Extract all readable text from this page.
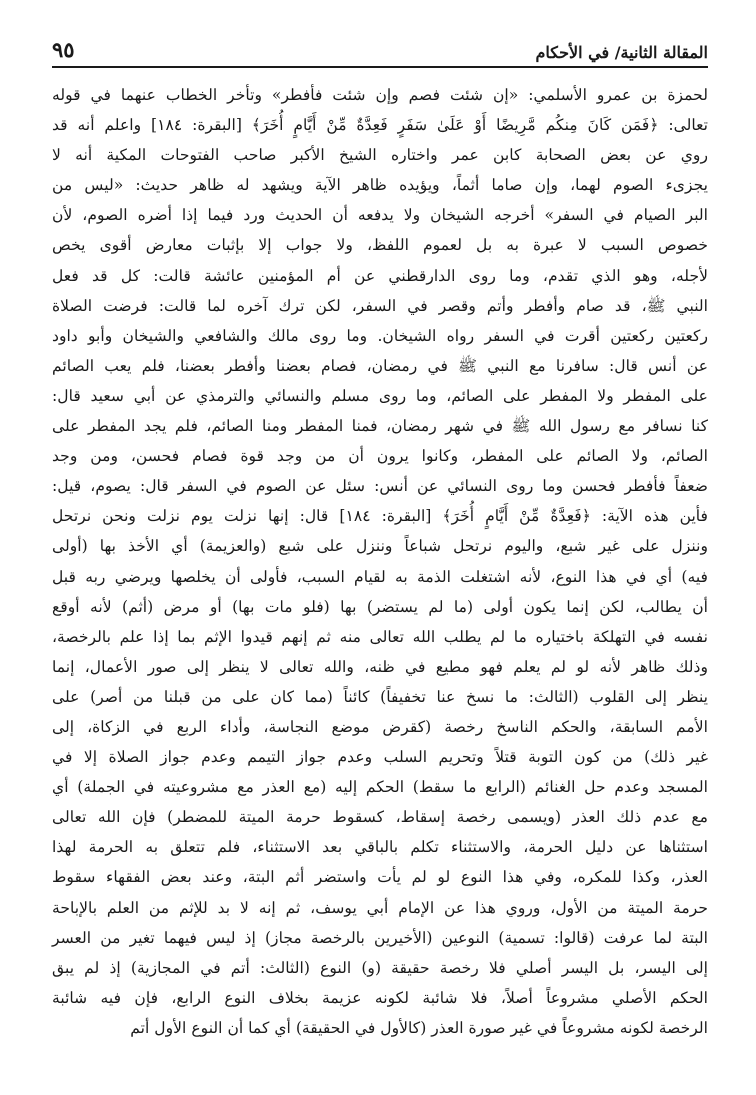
٩٥	المقالة الثانية/ في الأحكام

لحمزة بن عمرو الأسلمي: «إن شئت فصم وإن شئت فأفطر» وتأخر الخطاب عنهما في قوله
تعالى: ﴿فَمَن كَانَ مِنكُم مَّرِيضًا أَوْ عَلَىٰ سَفَرٍ فَعِدَّةٌ مِّنْ أَيَّامٍ أُخَرَ﴾ [البقرة: ١٨٤] واعلم أنه قد
روي عن بعض الصحابة كابن عمر واختاره الشيخ الأكبر صاحب الفتوحات المكية أنه لا
يجزىء الصوم لهما، وإن صاما أثماً، ويؤيده ظاهر الآية ويشهد له ظاهر حديث: «ليس من
البر الصيام في السفر» أخرجه الشيخان ولا يدفعه أن الحديث ورد فيما إذا أضره الصوم، لأن
خصوص السبب لا عبرة به بل لعموم اللفظ، ولا جواب إلا بإثبات معارض أقوى يخص
لأجله، وهو الذي تقدم، وما روى الدارقطني عن أم المؤمنين عائشة قالت: كل قد فعل
النبي ﷺ، قد صام وأفطر وأتم وقصر في السفر، لكن ترك آخره لما قالت: فرضت الصلاة
ركعتين ركعتين أقرت في السفر رواه الشيخان. وما روى مالك والشافعي والشيخان وأبو داود
عن أنس قال: سافرنا مع النبي ﷺ في رمضان، فصام بعضنا وأفطر بعضنا، فلم يعب الصائم
على المفطر ولا المفطر على الصائم، وما روى مسلم والنسائي والترمذي عن أبي سعيد قال:
كنا نسافر مع رسول الله ﷺ في شهر رمضان، فمنا المفطر ومنا الصائم، فلم يجد المفطر على
الصائم، ولا الصائم على المفطر، وكانوا يرون أن من وجد قوة فصام فحسن، ومن وجد
ضعفاً فأفطر فحسن وما روى النسائي عن أنس: سئل عن الصوم في السفر قال: يصوم، قيل:
فأين هذه الآية: ﴿فَعِدَّةٌ مِّنْ أَيَّامٍ أُخَرَ﴾ [البقرة: ١٨٤] قال: إنها نزلت يوم نزلت ونحن نرتحل
وننزل على غير شبع، واليوم نرتحل شباعاً وننزل على شبع (والعزيمة) أي الأخذ بها (أولى
فيه) أي في هذا النوع، لأنه اشتغلت الذمة به لقيام السبب، فأولى أن يخلصها ويرضي ربه قبل
أن يطالب، لكن إنما يكون أولى (ما لم يستضر) بها (فلو مات بها) أو مرض (أثم) لأنه أوقع
نفسه في التهلكة باختياره ما لم يطلب الله تعالى منه ثم إنهم قيدوا الإثم بما إذا علم بالرخصة،
وذلك ظاهر لأنه لو لم يعلم فهو مطيع في ظنه، والله تعالى لا ينظر إلى صور الأعمال، إنما
ينظر إلى القلوب (الثالث: ما نسخ عنا تخفيفاً) كائناً (مما كان على من قبلنا من أصر) على
الأمم السابقة، والحكم الناسخ رخصة (كقرض موضع النجاسة، وأداء الربع في الزكاة، إلى
غير ذلك) من كون التوبة قتلاً وتحريم السلب وعدم جواز التيمم وعدم جواز الصلاة إلا في
المسجد وعدم حل الغنائم (الرابع ما سقط) الحكم إليه (مع العذر مع مشروعيته في الجملة) أي
مع عدم ذلك العذر (ويسمى رخصة إسقاط، كسقوط حرمة الميتة للمضطر) فإن الله تعالى
استثناها عن دليل الحرمة، والاستثناء تكلم بالباقي بعد الاستثناء، فلم تتعلق به الحرمة لهذا
العذر، وكذا للمكره، وفي هذا النوع لو لم يأت واستضر أثم البتة، وعند بعض الفقهاء سقوط
حرمة الميتة من الأول، وروي هذا عن الإمام أبي يوسف، ثم إنه لا بد للإثم من العلم بالإباحة
البتة لما عرفت (قالوا: تسمية) النوعين (الأخيرين بالرخصة مجاز) إذ ليس فيهما تغير من العسر
إلى اليسر، بل اليسر أصلي فلا رخصة حقيقة (و) النوع (الثالث: أتم في المجازية) إذ لم يبق
الحكم الأصلي مشروعاً أصلاً، فلا شائبة لكونه عزيمة بخلاف النوع الرابع، فإن فيه شائبة
الرخصة لكونه مشروعاً في غير صورة العذر (كالأول في الحقيقة) أي كما أن النوع الأول أتم
